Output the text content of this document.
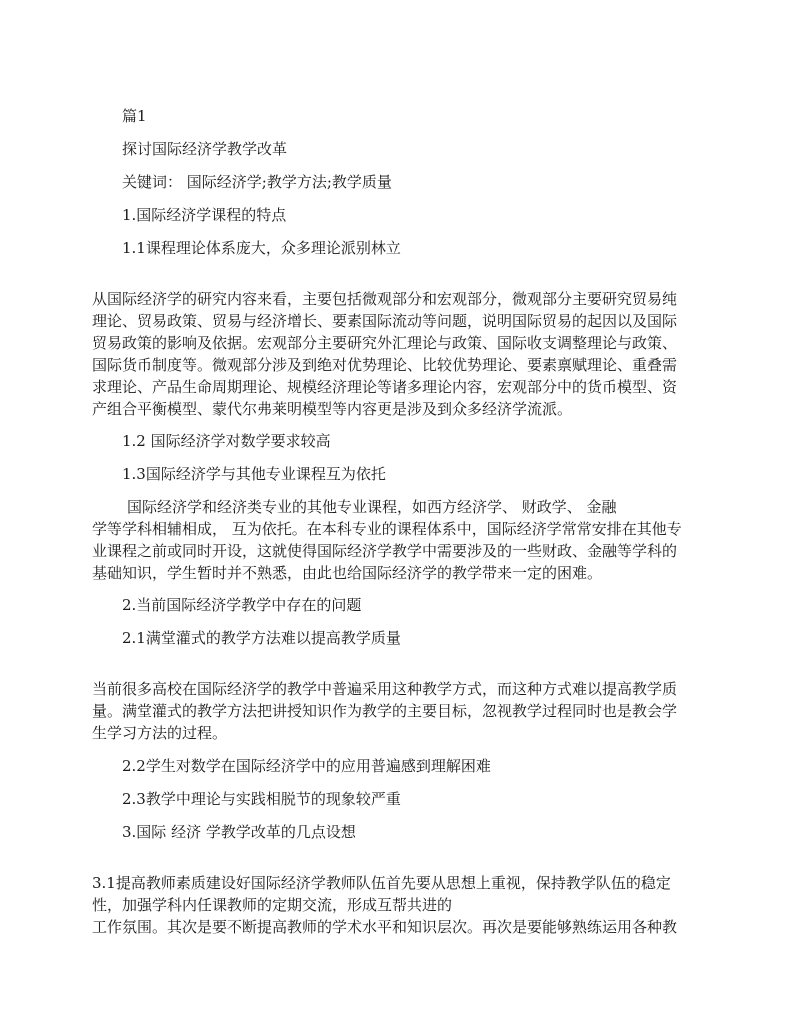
篇1
探讨国际经济学教学改革
关键词： 国际经济学;教学方法;教学质量
1.国际经济学课程的特点
1.1课程理论体系庞大，众多理论派别林立
从国际经济学的研究内容来看，主要包括微观部分和宏观部分，微观部分主要研究贸易纯
理论、贸易政策、贸易与经济增长、要素国际流动等问题，说明国际贸易的起因以及国际
贸易政策的影响及依据。宏观部分主要研究外汇理论与政策、国际收支调整理论与政策、
国际货币制度等。微观部分涉及到绝对优势理论、比较优势理论、要素禀赋理论、重叠需
求理论、产品生命周期理论、规模经济理论等诸多理论内容，宏观部分中的货币模型、资
产组合平衡模型、蒙代尔弗莱明模型等内容更是涉及到众多经济学流派。
1.2 国际经济学对数学要求较高
1.3国际经济学与其他专业课程互为依托
国际经济学和经济类专业的其他专业课程，如西方经济学、 财政学、 金融
学等学科相辅相成， 互为依托。在本科专业的课程体系中，国际经济学常常安排在其他专
业课程之前或同时开设，这就使得国际经济学教学中需要涉及的一些财政、金融等学科的
基础知识，学生暂时并不熟悉，由此也给国际经济学的教学带来一定的困难。
2.当前国际经济学教学中存在的问题
2.1满堂灌式的教学方法难以提高教学质量
当前很多高校在国际经济学的教学中普遍采用这种教学方式，而这种方式难以提高教学质
量。满堂灌式的教学方法把讲授知识作为教学的主要目标，忽视教学过程同时也是教会学
生学习方法的过程。
2.2学生对数学在国际经济学中的应用普遍感到理解困难
2.3教学中理论与实践相脱节的现象较严重
3.国际 经济 学教学改革的几点设想
3.1提高教师素质建设好国际经济学教师队伍首先要从思想上重视，保持教学队伍的稳定
性，加强学科内任课教师的定期交流，形成互帮共进的
工作氛围。其次是要不断提高教师的学术水平和知识层次。再次是要能够熟练运用各种教
